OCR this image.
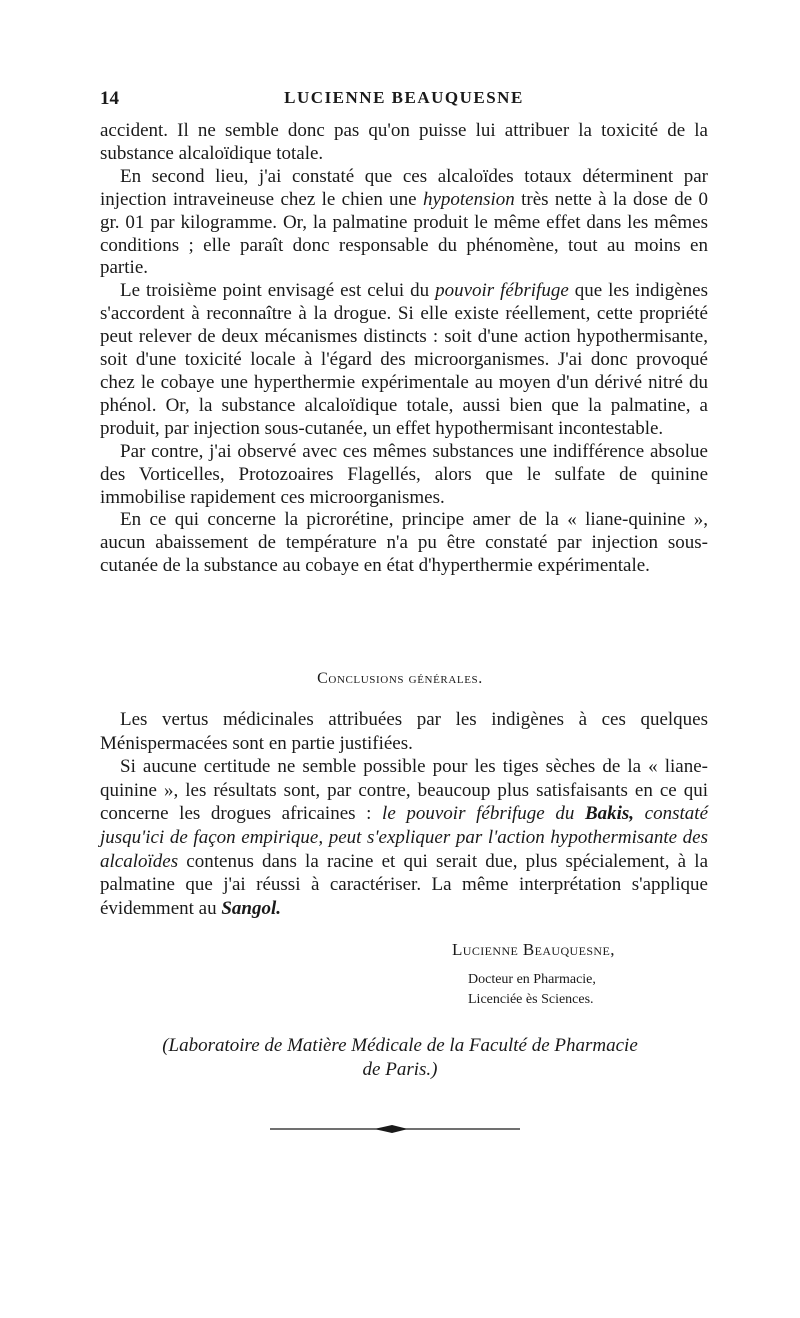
14	LUCIENNE BEAUQUESNE

accident. Il ne semble donc pas qu'on puisse lui attribuer la toxicité de la substance alcaloïdique totale.

En second lieu, j'ai constaté que ces alcaloïdes totaux déterminent par injection intraveineuse chez le chien une hypotension très nette à la dose de 0 gr. 01 par kilogramme. Or, la palmatine produit le même effet dans les mêmes conditions ; elle paraît donc responsable du phénomène, tout au moins en partie.

Le troisième point envisagé est celui du pouvoir fébrifuge que les indigènes s'accordent à reconnaître à la drogue. Si elle existe réellement, cette propriété peut relever de deux mécanismes distincts : soit d'une action hypothermisante, soit d'une toxicité locale à l'égard des microorganismes. J'ai donc provoqué chez le cobaye une hyperthermie expérimentale au moyen d'un dérivé nitré du phénol. Or, la substance alcaloïdique totale, aussi bien que la palmatine, a produit, par injection sous-cutanée, un effet hypothermisant incontestable.

Par contre, j'ai observé avec ces mêmes substances une indifférence absolue des Vorticelles, Protozoaires Flagellés, alors que le sulfate de quinine immobilise rapidement ces microorganismes.

En ce qui concerne la picrorétine, principe amer de la « liane-quinine », aucun abaissement de température n'a pu être constaté par injection sous-cutanée de la substance au cobaye en état d'hyperthermie expérimentale.

Conclusions générales.

Les vertus médicinales attribuées par les indigènes à ces quelques Ménispermacées sont en partie justifiées.

Si aucune certitude ne semble possible pour les tiges sèches de la « liane-quinine », les résultats sont, par contre, beaucoup plus satisfaisants en ce qui concerne les drogues africaines : le pouvoir fébrifuge du Bakis, constaté jusqu'ici de façon empirique, peut s'expliquer par l'action hypothermisante des alcaloïdes contenus dans la racine et qui serait due, plus spécialement, à la palmatine que j'ai réussi à caractériser. La même interprétation s'applique évidemment au Sangol.

Lucienne Beauquesne,
Docteur en Pharmacie,
Licenciée ès Sciences.
(Laboratoire de Matière Médicale de la Faculté de Pharmacie
de Paris.)
